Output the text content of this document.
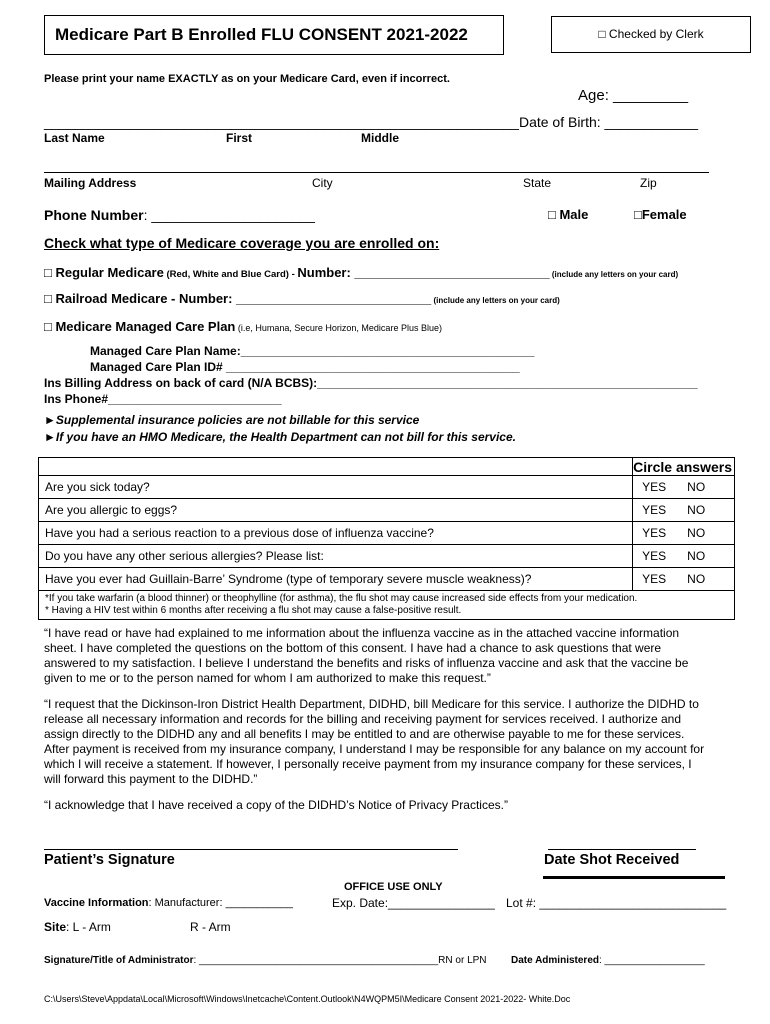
Medicare Part B Enrolled FLU CONSENT 2021-2022	□ Checked by Clerk
Please print your name EXACTLY as on your Medicare Card, even if incorrect.
Age: _________
_____________________________________________________________Date of Birth: ____________
Last Name	First	Middle
Mailing Address	City	State	Zip
Phone Number: _____________________	□ Male	□Female
Check what type of Medicare coverage you are enrolled on:
□ Regular Medicare (Red, White and Blue Card) - Number: ___________________________ (include any letters on your card)
□ Railroad Medicare - Number: ___________________________ (include any letters on your card)
□ Medicare Managed Care Plan (i.e, Humana, Secure Horizon, Medicare Plus Blue)
Managed Care Plan Name:____________________________________________
Managed Care Plan ID# ____________________________________________
Ins Billing Address on back of card (N/A BCBS):_________________________________________________________
Ins Phone#__________________________
►Supplemental insurance policies are not billable for this service
►If you have an HMO Medicare, the Health Department can not bill for this service.
	Circle answers
Are you sick today?	YES NO
Are you allergic to eggs?	YES NO
Have you had a serious reaction to a previous dose of influenza vaccine?	YES NO
Do you have any other serious allergies? Please list:	YES NO
Have you ever had Guillain-Barre’ Syndrome (type of temporary severe muscle weakness)?	YES NO

*If you take warfarin (a blood thinner) or theophylline (for asthma), the flu shot may cause increased side effects from your medication.
* Having a HIV test within 6 months after receiving a flu shot may cause a false-positive result.	
“I have read or have had explained to me information about the influenza vaccine as in the attached vaccine information
sheet. I have completed the questions on the bottom of this consent. I have had a chance to ask questions that were
answered to my satisfaction. I believe I understand the benefits and risks of influenza vaccine and ask that the vaccine be
given to me or to the person named for whom I am authorized to make this request.”
“I request that the Dickinson-Iron District Health Department, DIDHD, bill Medicare for this service. I authorize the DIDHD to
release all necessary information and records for the billing and receiving payment for services received. I authorize and
assign directly to the DIDHD any and all benefits I may be entitled to and are otherwise payable to me for these services.
After payment is received from my insurance company, I understand I may be responsible for any balance on my account for
which I will receive a statement. If however, I personally receive payment from my insurance company for these services, I
will forward this payment to the DIDHD.”
“I acknowledge that I have received a copy of the DIDHD’s Notice of Privacy Practices.”
Patient’s Signature	Date Shot Received
OFFICE USE ONLY
Vaccine Information: Manufacturer: ___________	Exp. Date:________________ Lot #: ____________________________
Site: L - Arm	R - Arm
Signature/Title of Administrator: ___________________________________________RN or LPN Date Administered: __________________
C:\Users\Steve\Appdata\Local\Microsoft\Windows\Inetcache\Content.Outlook\N4WQPM5I\Medicare Consent 2021-2022- White.Doc
